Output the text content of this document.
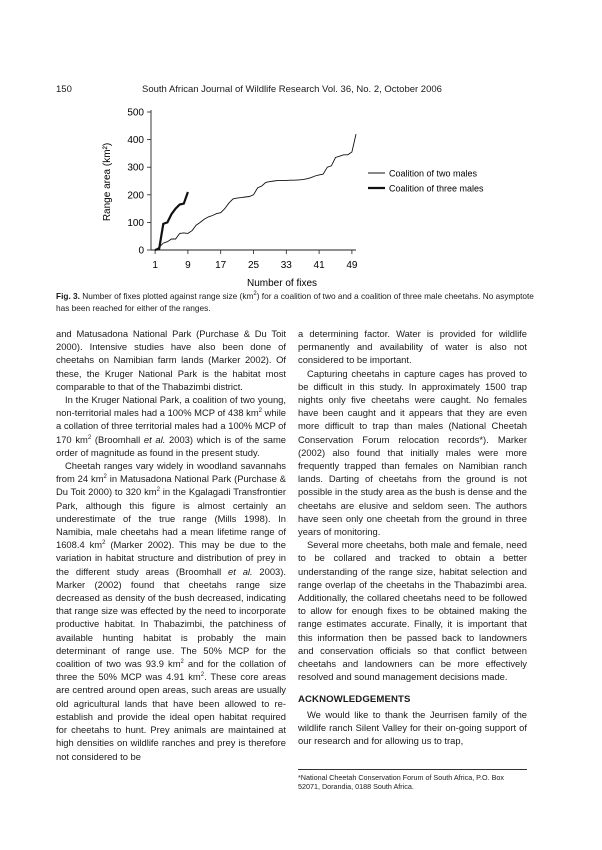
150	South African Journal of Wildlife Research Vol. 36, No. 2, October 2006
0
100
200
300
400
500
1	9 17 25 33 41 49
Coalition of two males
Coalition of three males
Range area (km²)
Number of fixes
Fig. 3. Number of fixes plotted against range size $(km^2)$ for a coalition of two and a coalition of three male cheetahs. No asymptote has been reached for either of the ranges.

and Matusadona National Park (Purchase & Du Toit 2000). Intensive studies have also been done of cheetahs on Namibian farm lands (Marker 2002). Of these, the Kruger National Park is the habitat most comparable to that of the Thabazimbi district.

In the Kruger National Park, a coalition of two young, non-territorial males had a 100% MCP of 438 $km^2$ while a collation of three territorial males had a 100% MCP of 170 $km^2$ (Broomhall et al. 2003) which is of the same order of magnitude as found in the present study.

Cheetah ranges vary widely in woodland savannahs from 24 $km^2$ in Matusadona National Park (Purchase & Du Toit 2000) to 320 $km^2$ in the Kgalagadi Transfrontier Park, although this figure is almost certainly an underestimate of the true range (Mills 1998). In Namibia, male cheetahs had a mean lifetime range of 1608.4 $km^2$ (Marker 2002). This may be due to the variation in habitat structure and distribution of prey in the different study areas (Broomhall et al. 2003). Marker (2002) found that cheetahs range size decreased as density of the bush decreased, indicating that range size was effected by the need to incorporate productive habitat. In Thabazimbi, the patchiness of available hunting habitat is probably the main determinant of range use. The 50% MCP for the coalition of two was 93.9 $km^2$ and for the collation of three the 50% MCP was 4.91 $km^2$. These core areas are centred around open areas, such areas are usually old agricultural lands that have been allowed to re-establish and provide the ideal open habitat required for cheetahs to hunt. Prey animals are maintained at high densities on wildlife ranches and prey is therefore not considered to be

a determining factor. Water is provided for wildlife permanently and availability of water is also not considered to be important.

Capturing cheetahs in capture cages has proved to be difficult in this study. In approximately 1500 trap nights only five cheetahs were caught. No females have been caught and it appears that they are even more difficult to trap than males (National Cheetah Conservation Forum relocation records*). Marker (2002) also found that initially males were more frequently trapped than females on Namibian ranch lands. Darting of cheetahs from the ground is not possible in the study area as the bush is dense and the cheetahs are elusive and seldom seen. The authors have seen only one cheetah from the ground in three years of monitoring.

Several more cheetahs, both male and female, need to be collared and tracked to obtain a better understanding of the range size, habitat selection and range overlap of the cheetahs in the Thabazimbi area. Additionally, the collared cheetahs need to be followed to allow for enough fixes to be obtained making the range estimates accurate. Finally, it is important that this information then be passed back to landowners and conservation officials so that conflict between cheetahs and landowners can be more effectively resolved and sound management decisions made.

ACKNOWLEDGEMENTS

We would like to thank the Jeurrisen family of the wildlife ranch Silent Valley for their on-going support of our research and for allowing us to trap,

*National Cheetah Conservation Forum of South Africa, P.O. Box 52071, Dorandia, 0188 South Africa.
